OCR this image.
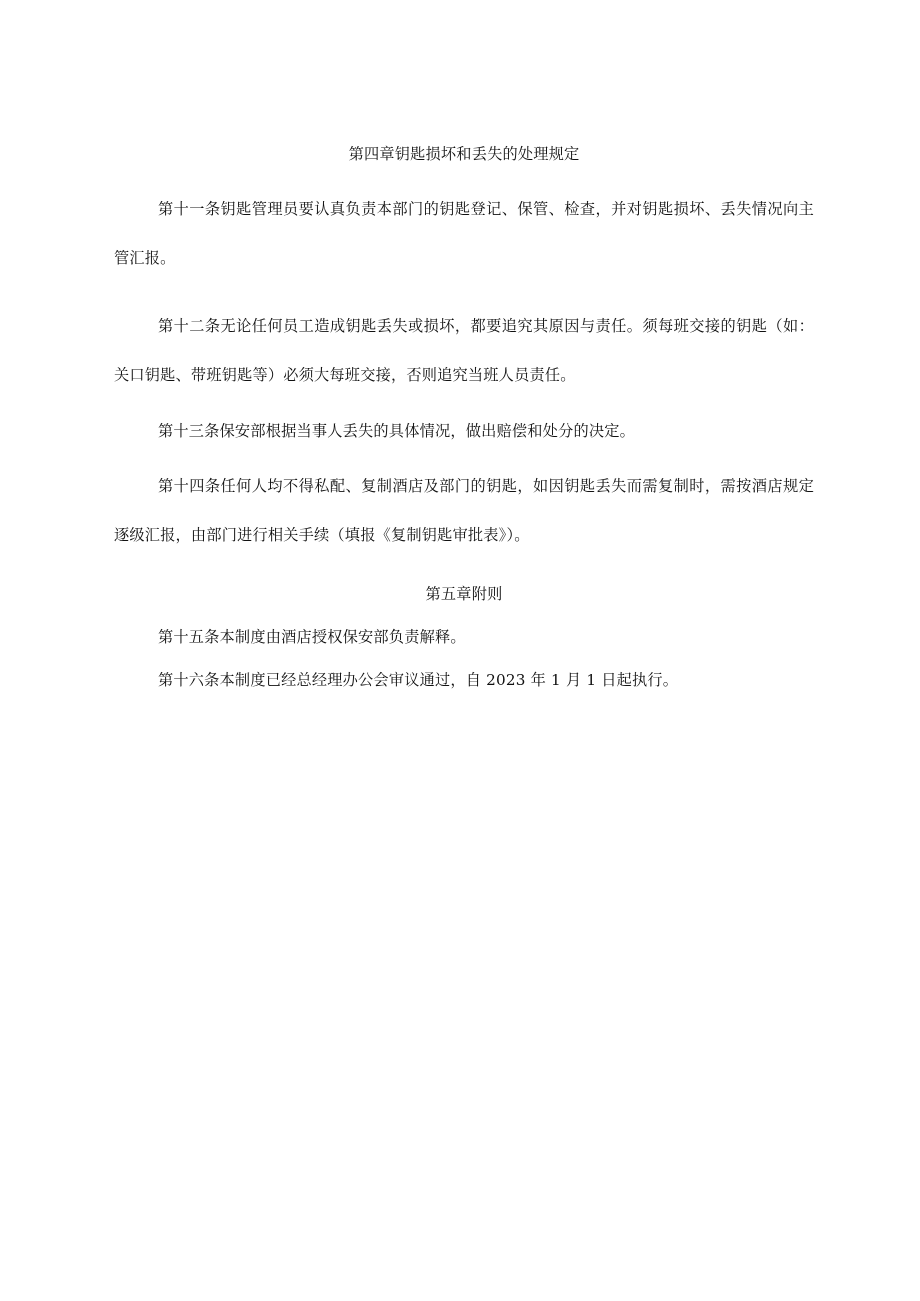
第四章钥匙损坏和丢失的处理规定
第十一条钥匙管理员要认真负责本部门的钥匙登记、保管、检查，并对钥匙损坏、丢失情况向主管汇报。
第十二条无论任何员工造成钥匙丢失或损坏，都要追究其原因与责任。须每班交接的钥匙（如：关口钥匙、带班钥匙等）必须大每班交接，否则追究当班人员责任。
第十三条保安部根据当事人丢失的具体情况，做出赔偿和处分的决定。
第十四条任何人均不得私配、复制酒店及部门的钥匙，如因钥匙丢失而需复制时，需按酒店规定逐级汇报，由部门进行相关手续（填报《复制钥匙审批表》）。
第五章附则
第十五条本制度由酒店授权保安部负责解释。
第十六条本制度已经总经理办公会审议通过，自 2023 年 1 月 1 日起执行。
